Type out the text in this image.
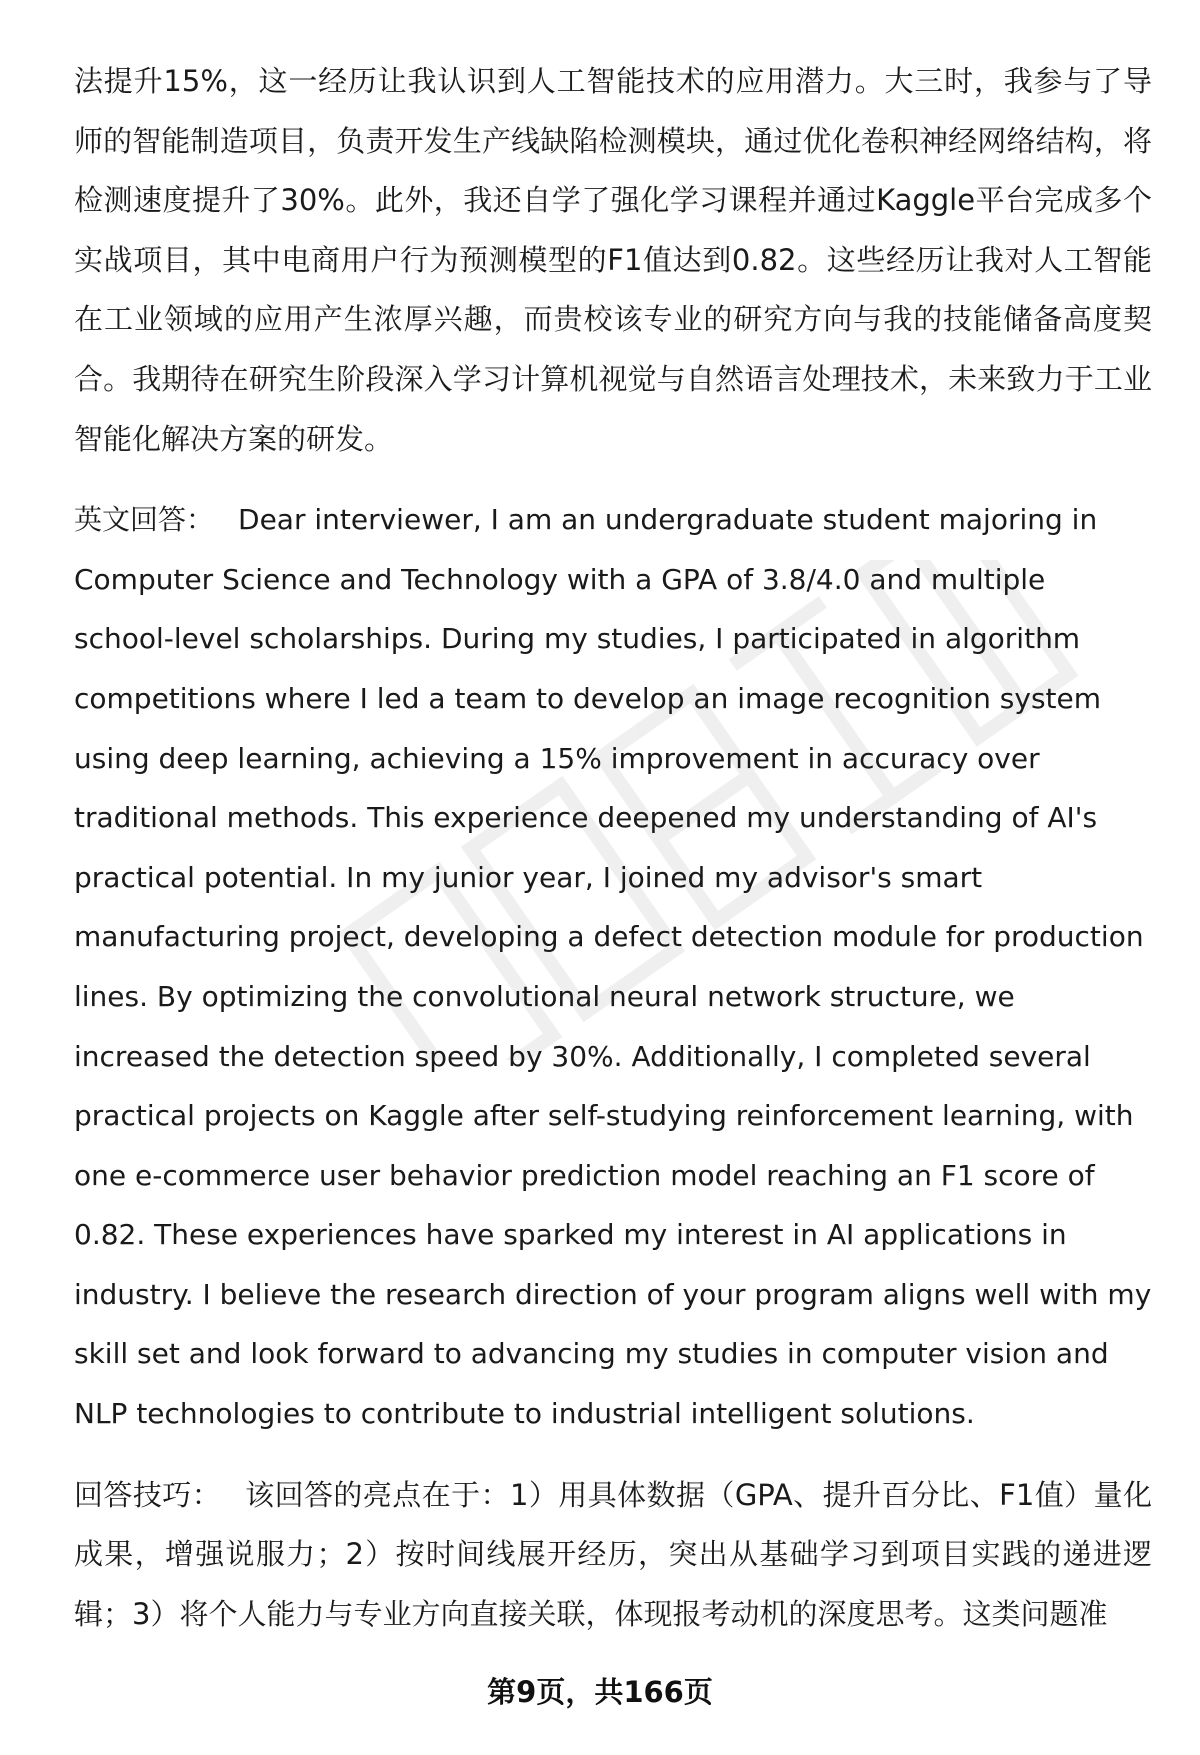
法提升15%，这一经历让我认识到人工智能技术的应用潜力。大三时，我参与了导师的智能制造项目，负责开发生产线缺陷检测模块，通过优化卷积神经网络结构，将检测速度提升了30%。此外，我还自学了强化学习课程并通过Kaggle平台完成多个实战项目，其中电商用户行为预测模型的F1值达到0.82。这些经历让我对人工智能在工业领域的应用产生浓厚兴趣，而贵校该专业的研究方向与我的技能储备高度契合。我期待在研究生阶段深入学习计算机视觉与自然语言处理技术，未来致力于工业智能化解决方案的研发。

英文回答： Dear interviewer, I am an undergraduate student majoring in Computer Science and Technology with a GPA of 3.8/4.0 and multiple school-level scholarships. During my studies, I participated in algorithm competitions where I led a team to develop an image recognition system using deep learning, achieving a 15% improvement in accuracy over traditional methods. This experience deepened my understanding of AI's practical potential. In my junior year, I joined my advisor's smart manufacturing project, developing a defect detection module for production lines. By optimizing the convolutional neural network structure, we increased the detection speed by 30%. Additionally, I completed several practical projects on Kaggle after self-studying reinforcement learning, with one e-commerce user behavior prediction model reaching an F1 score of 0.82. These experiences have sparked my interest in AI applications in industry. I believe the research direction of your program aligns well with my skill set and look forward to advancing my studies in computer vision and NLP technologies to contribute to industrial intelligent solutions.

回答技巧： 该回答的亮点在于：1）用具体数据（GPA、提升百分比、F1值）量化成果，增强说服力；2）按时间线展开经历，突出从基础学习到项目实践的递进逻辑；3）将个人能力与专业方向直接关联，体现报考动机的深度思考。这类问题准

第9页，共166页
